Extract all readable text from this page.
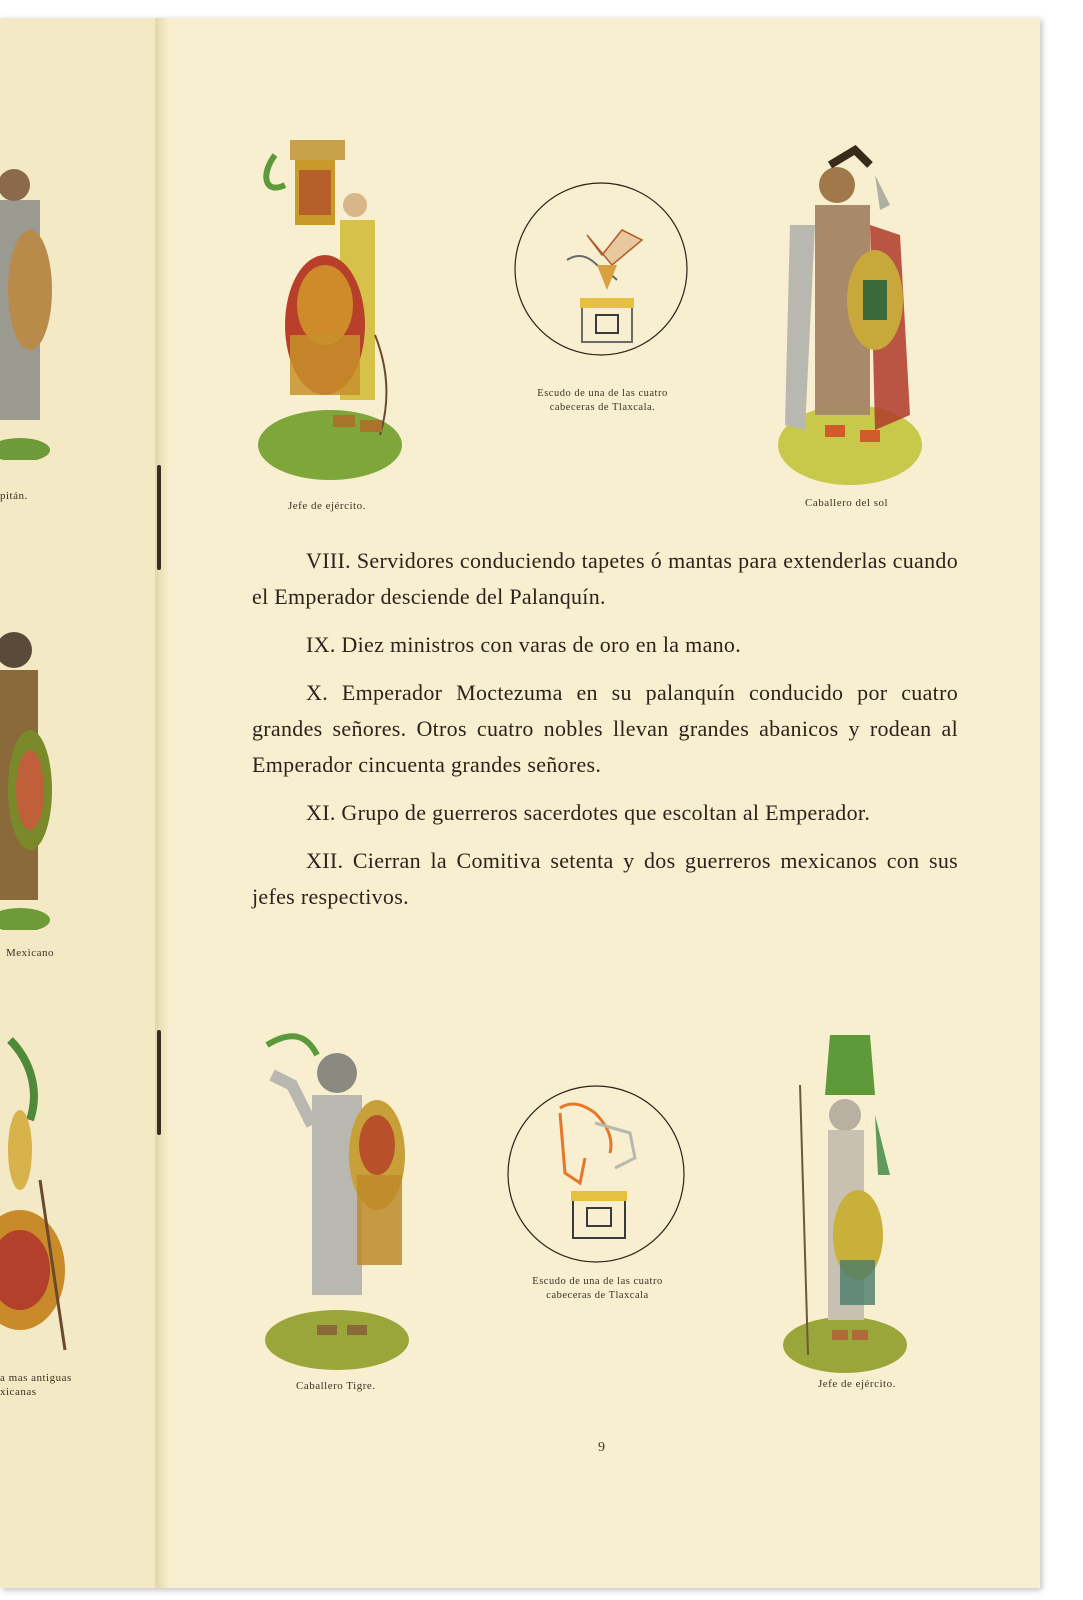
pitán.
Mexicano
a mas antiguas
xicanas
Jefe de ejército.
Escudo de una de las cuatro
cabeceras de Tlaxcala.
Caballero del sol

VIII. Servidores conduciendo tapetes ó mantas para extenderlas cuando el Emperador desciende del Palanquín.

IX. Diez ministros con varas de oro en la mano.

X. Emperador Moctezuma en su palanquín conducido por cuatro grandes señores. Otros cuatro nobles llevan grandes abanicos y rodean al Emperador cincuenta grandes señores.

XI. Grupo de guerreros sacerdotes que escoltan al Emperador.

XII. Cierran la Comitiva setenta y dos guerreros mexicanos con sus jefes respectivos.

Caballero Tigre.
Escudo de una de las cuatro
cabeceras de Tlaxcala
Jefe de ejército.
9
